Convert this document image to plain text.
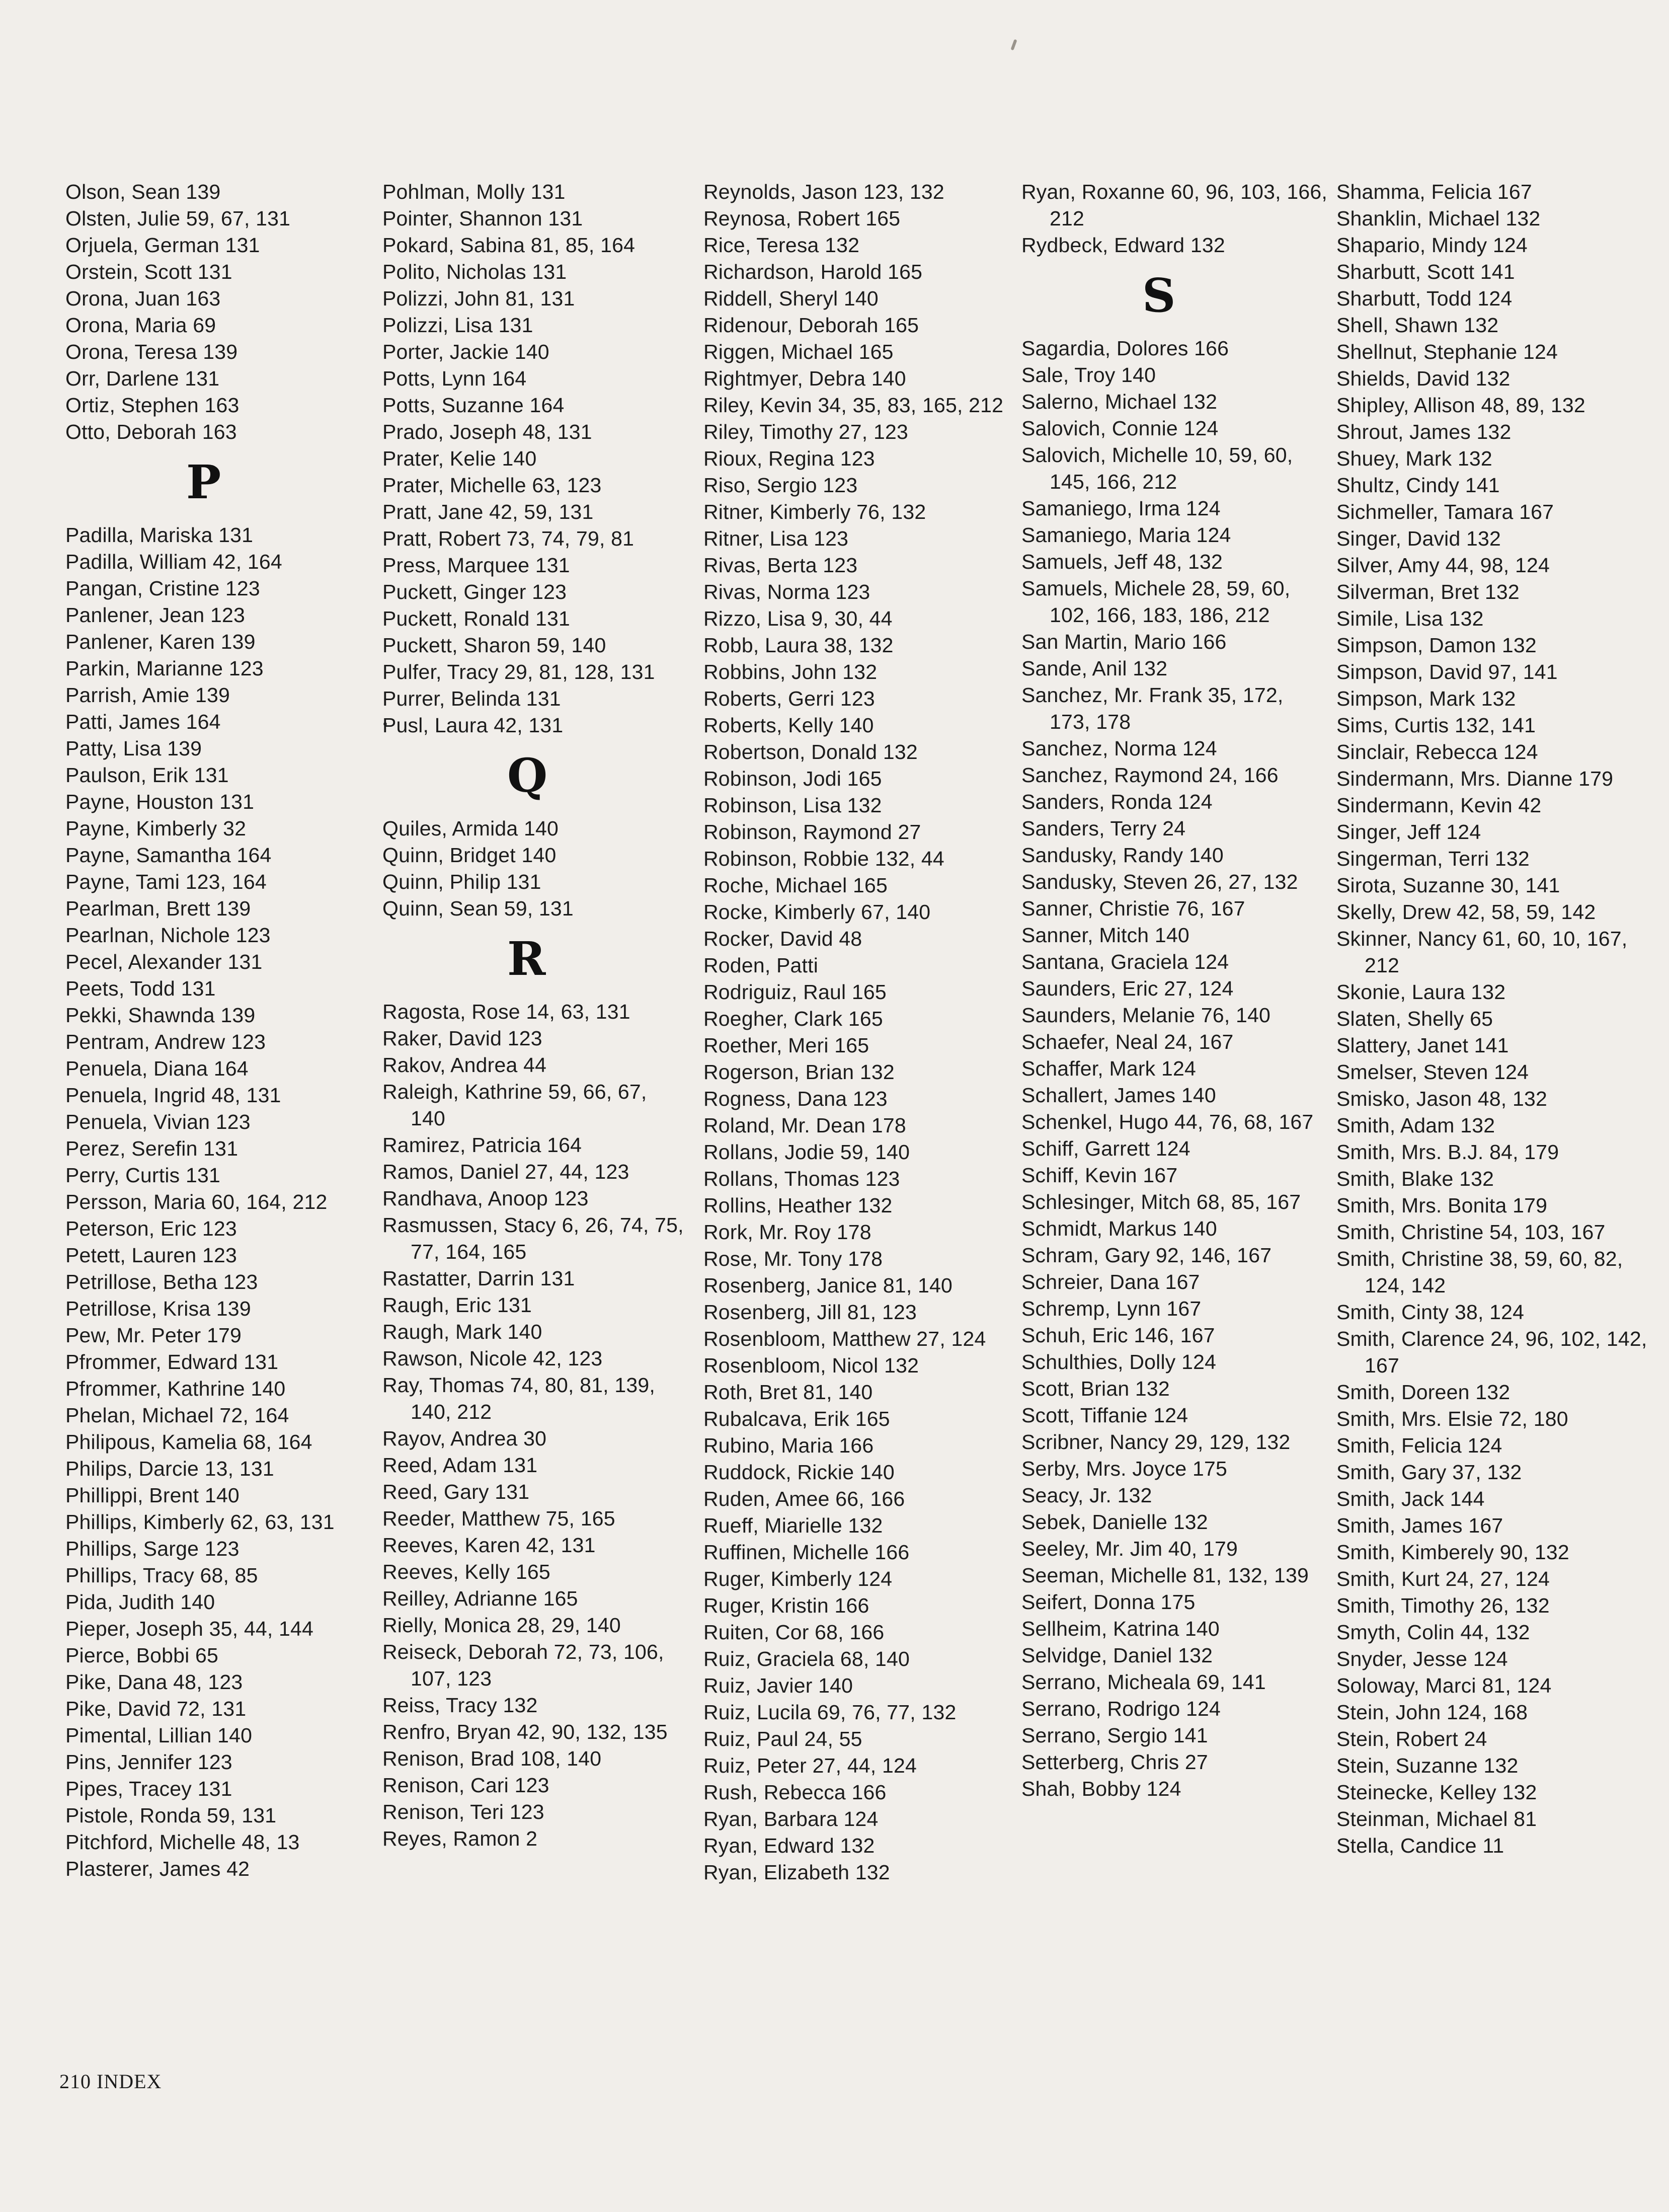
Olson, Sean 139
Olsten, Julie 59, 67, 131
Orjuela, German 131
Orstein, Scott 131
Orona, Juan 163
Orona, Maria 69
Orona, Teresa 139
Orr, Darlene 131
Ortiz, Stephen 163
Otto, Deborah 163
P
Padilla, Mariska 131
Padilla, William 42, 164
Pangan, Cristine 123
Panlener, Jean 123
Panlener, Karen 139
Parkin, Marianne 123
Parrish, Amie 139
Patti, James 164
Patty, Lisa 139
Paulson, Erik 131
Payne, Houston 131
Payne, Kimberly 32
Payne, Samantha 164
Payne, Tami 123, 164
Pearlman, Brett 139
Pearlnan, Nichole 123
Pecel, Alexander 131
Peets, Todd 131
Pekki, Shawnda 139
Pentram, Andrew 123
Penuela, Diana 164
Penuela, Ingrid 48, 131
Penuela, Vivian 123
Perez, Serefin 131
Perry, Curtis 131
Persson, Maria 60, 164, 212
Peterson, Eric 123
Petett, Lauren 123
Petrillose, Betha 123
Petrillose, Krisa 139
Pew, Mr. Peter 179
Pfrommer, Edward 131
Pfrommer, Kathrine 140
Phelan, Michael 72, 164
Philipous, Kamelia 68, 164
Philips, Darcie 13, 131
Phillippi, Brent 140
Phillips, Kimberly 62, 63, 131
Phillips, Sarge 123
Phillips, Tracy 68, 85
Pida, Judith 140
Pieper, Joseph 35, 44, 144
Pierce, Bobbi 65
Pike, Dana 48, 123
Pike, David 72, 131
Pimental, Lillian 140
Pins, Jennifer 123
Pipes, Tracey 131
Pistole, Ronda 59, 131
Pitchford, Michelle 48, 13
Plasterer, James 42
Pohlman, Molly 131
Pointer, Shannon 131
Pokard, Sabina 81, 85, 164
Polito, Nicholas 131
Polizzi, John 81, 131
Polizzi, Lisa 131
Porter, Jackie 140
Potts, Lynn 164
Potts, Suzanne 164
Prado, Joseph 48, 131
Prater, Kelie 140
Prater, Michelle 63, 123
Pratt, Jane 42, 59, 131
Pratt, Robert 73, 74, 79, 81
Press, Marquee 131
Puckett, Ginger 123
Puckett, Ronald 131
Puckett, Sharon 59, 140
Pulfer, Tracy 29, 81, 128, 131
Purrer, Belinda 131
Pusl, Laura 42, 131
Q
Quiles, Armida 140
Quinn, Bridget 140
Quinn, Philip 131
Quinn, Sean 59, 131
R
Ragosta, Rose 14, 63, 131
Raker, David 123
Rakov, Andrea 44
Raleigh, Kathrine 59, 66, 67, 140
Ramirez, Patricia 164
Ramos, Daniel 27, 44, 123
Randhava, Anoop 123
Rasmussen, Stacy 6, 26, 74, 75, 77, 164, 165
Rastatter, Darrin 131
Raugh, Eric 131
Raugh, Mark 140
Rawson, Nicole 42, 123
Ray, Thomas 74, 80, 81, 139, 140, 212
Rayov, Andrea 30
Reed, Adam 131
Reed, Gary 131
Reeder, Matthew 75, 165
Reeves, Karen 42, 131
Reeves, Kelly 165
Reilley, Adrianne 165
Rielly, Monica 28, 29, 140
Reiseck, Deborah 72, 73, 106, 107, 123
Reiss, Tracy 132
Renfro, Bryan 42, 90, 132, 135
Renison, Brad 108, 140
Renison, Cari 123
Renison, Teri 123
Reyes, Ramon 2
Reynolds, Jason 123, 132
Reynosa, Robert 165
Rice, Teresa 132
Richardson, Harold 165
Riddell, Sheryl 140
Ridenour, Deborah 165
Riggen, Michael 165
Rightmyer, Debra 140
Riley, Kevin 34, 35, 83, 165, 212
Riley, Timothy 27, 123
Rioux, Regina 123
Riso, Sergio 123
Ritner, Kimberly 76, 132
Ritner, Lisa 123
Rivas, Berta 123
Rivas, Norma 123
Rizzo, Lisa 9, 30, 44
Robb, Laura 38, 132
Robbins, John 132
Roberts, Gerri 123
Roberts, Kelly 140
Robertson, Donald 132
Robinson, Jodi 165
Robinson, Lisa 132
Robinson, Raymond 27
Robinson, Robbie 132, 44
Roche, Michael 165
Rocke, Kimberly 67, 140
Rocker, David 48
Roden, Patti
Rodriguiz, Raul 165
Roegher, Clark 165
Roether, Meri 165
Rogerson, Brian 132
Rogness, Dana 123
Roland, Mr. Dean 178
Rollans, Jodie 59, 140
Rollans, Thomas 123
Rollins, Heather 132
Rork, Mr. Roy 178
Rose, Mr. Tony 178
Rosenberg, Janice 81, 140
Rosenberg, Jill 81, 123
Rosenbloom, Matthew 27, 124
Rosenbloom, Nicol 132
Roth, Bret 81, 140
Rubalcava, Erik 165
Rubino, Maria 166
Ruddock, Rickie 140
Ruden, Amee 66, 166
Rueff, Miarielle 132
Ruffinen, Michelle 166
Ruger, Kimberly 124
Ruger, Kristin 166
Ruiten, Cor 68, 166
Ruiz, Graciela 68, 140
Ruiz, Javier 140
Ruiz, Lucila 69, 76, 77, 132
Ruiz, Paul 24, 55
Ruiz, Peter 27, 44, 124
Rush, Rebecca 166
Ryan, Barbara 124
Ryan, Edward 132
Ryan, Elizabeth 132
Ryan, Roxanne 60, 96, 103, 166, 212
Rydbeck, Edward 132
S
Sagardia, Dolores 166
Sale, Troy 140
Salerno, Michael 132
Salovich, Connie 124
Salovich, Michelle 10, 59, 60, 145, 166, 212
Samaniego, Irma 124
Samaniego, Maria 124
Samuels, Jeff 48, 132
Samuels, Michele 28, 59, 60, 102, 166, 183, 186, 212
San Martin, Mario 166
Sande, Anil 132
Sanchez, Mr. Frank 35, 172, 173, 178
Sanchez, Norma 124
Sanchez, Raymond 24, 166
Sanders, Ronda 124
Sanders, Terry 24
Sandusky, Randy 140
Sandusky, Steven 26, 27, 132
Sanner, Christie 76, 167
Sanner, Mitch 140
Santana, Graciela 124
Saunders, Eric 27, 124
Saunders, Melanie 76, 140
Schaefer, Neal 24, 167
Schaffer, Mark 124
Schallert, James 140
Schenkel, Hugo 44, 76, 68, 167
Schiff, Garrett 124
Schiff, Kevin 167
Schlesinger, Mitch 68, 85, 167
Schmidt, Markus 140
Schram, Gary 92, 146, 167
Schreier, Dana 167
Schremp, Lynn 167
Schuh, Eric 146, 167
Schulthies, Dolly 124
Scott, Brian 132
Scott, Tiffanie 124
Scribner, Nancy 29, 129, 132
Serby, Mrs. Joyce 175
Seacy, Jr. 132
Sebek, Danielle 132
Seeley, Mr. Jim 40, 179
Seeman, Michelle 81, 132, 139
Seifert, Donna 175
Sellheim, Katrina 140
Selvidge, Daniel 132
Serrano, Micheala 69, 141
Serrano, Rodrigo 124
Serrano, Sergio 141
Setterberg, Chris 27
Shah, Bobby 124
Shamma, Felicia 167
Shanklin, Michael 132
Shapario, Mindy 124
Sharbutt, Scott 141
Sharbutt, Todd 124
Shell, Shawn 132
Shellnut, Stephanie 124
Shields, David 132
Shipley, Allison 48, 89, 132
Shrout, James 132
Shuey, Mark 132
Shultz, Cindy 141
Sichmeller, Tamara 167
Singer, David 132
Silver, Amy 44, 98, 124
Silverman, Bret 132
Simile, Lisa 132
Simpson, Damon 132
Simpson, David 97, 141
Simpson, Mark 132
Sims, Curtis 132, 141
Sinclair, Rebecca 124
Sindermann, Mrs. Dianne 179
Sindermann, Kevin 42
Singer, Jeff 124
Singerman, Terri 132
Sirota, Suzanne 30, 141
Skelly, Drew 42, 58, 59, 142
Skinner, Nancy 61, 60, 10, 167, 212
Skonie, Laura 132
Slaten, Shelly 65
Slattery, Janet 141
Smelser, Steven 124
Smisko, Jason 48, 132
Smith, Adam 132
Smith, Mrs. B.J. 84, 179
Smith, Blake 132
Smith, Mrs. Bonita 179
Smith, Christine 54, 103, 167
Smith, Christine 38, 59, 60, 82, 124, 142
Smith, Cinty 38, 124
Smith, Clarence 24, 96, 102, 142, 167
Smith, Doreen 132
Smith, Mrs. Elsie 72, 180
Smith, Felicia 124
Smith, Gary 37, 132
Smith, Jack 144
Smith, James 167
Smith, Kimberely 90, 132
Smith, Kurt 24, 27, 124
Smith, Timothy 26, 132
Smyth, Colin 44, 132
Snyder, Jesse 124
Soloway, Marci 81, 124
Stein, John 124, 168
Stein, Robert 24
Stein, Suzanne 132
Steinecke, Kelley 132
Steinman, Michael 81
Stella, Candice 11
210 INDEX
